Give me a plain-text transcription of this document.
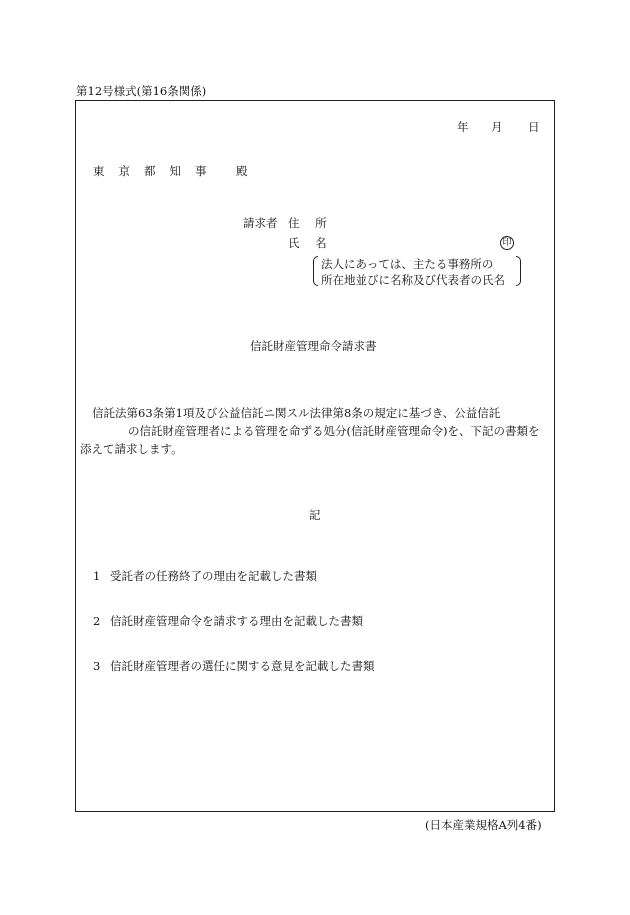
第12号様式(第16条関係)
年 月 日
東京都知事 殿
請求者 住 所
氏 名	印
法人にあっては、主たる事務所の
所在地並びに名称及び代表者の氏名
信託財産管理命令請求書
信託法第63条第1項及び公益信託ニ関スル法律第8条の規定に基づき、公益信託
の信託財産管理者による管理を命ずる処分(信託財産管理命令)を、下記の書類を
添えて請求します。
記
1 受託者の任務終了の理由を記載した書類
2 信託財産管理命令を請求する理由を記載した書類
3 信託財産管理者の選任に関する意見を記載した書類
(日本産業規格A列4番)
